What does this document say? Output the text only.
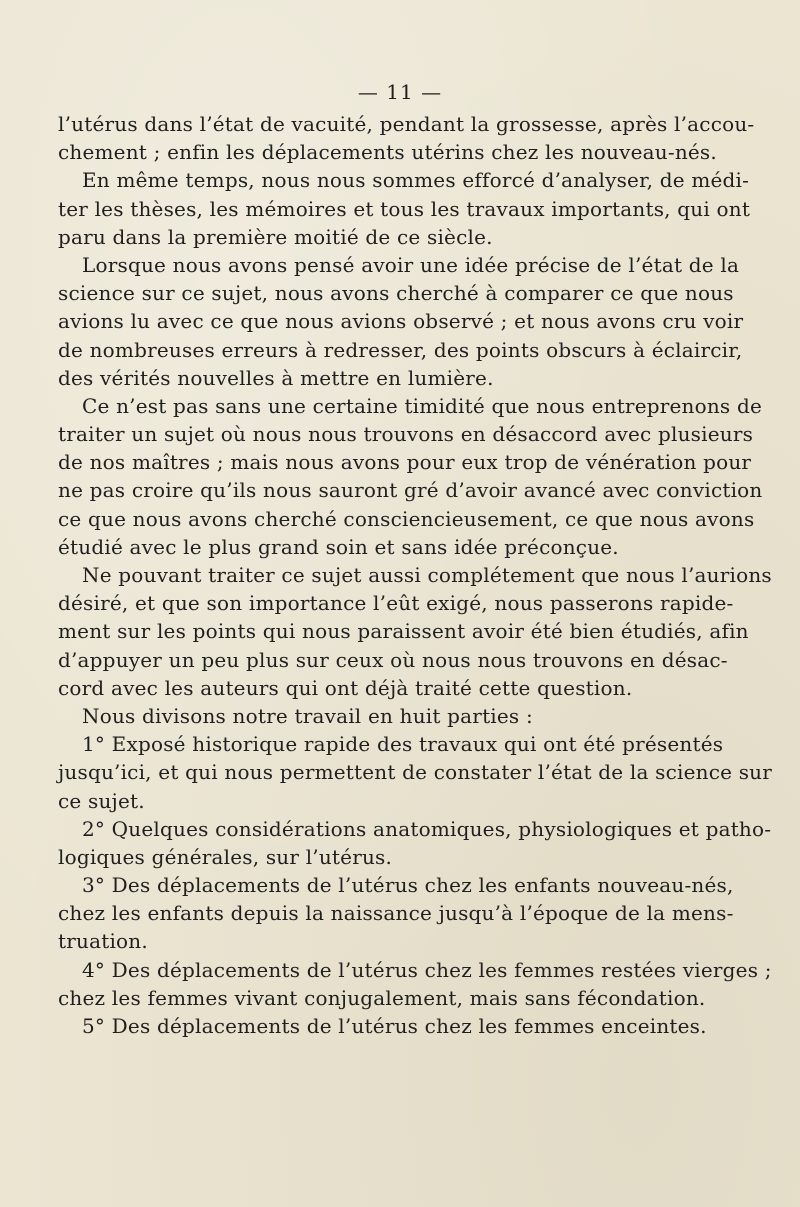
— 11 —
l’utérus dans l’état de vacuité, pendant la grossesse, après l’accou-
chement ; enfin les déplacements utérins chez les nouveau-nés.
En même temps, nous nous sommes efforcé d’analyser, de médi-
ter les thèses, les mémoires et tous les travaux importants, qui ont
paru dans la première moitié de ce siècle.
Lorsque nous avons pensé avoir une idée précise de l’état de la
science sur ce sujet, nous avons cherché à comparer ce que nous
avions lu avec ce que nous avions observé ; et nous avons cru voir
de nombreuses erreurs à redresser, des points obscurs à éclaircir,
des vérités nouvelles à mettre en lumière.
Ce n’est pas sans une certaine timidité que nous entreprenons de
traiter un sujet où nous nous trouvons en désaccord avec plusieurs
de nos maîtres ; mais nous avons pour eux trop de vénération pour
ne pas croire qu’ils nous sauront gré d’avoir avancé avec conviction
ce que nous avons cherché consciencieusement, ce que nous avons
étudié avec le plus grand soin et sans idée préconçue.
Ne pouvant traiter ce sujet aussi complétement que nous l’aurions
désiré, et que son importance l’eût exigé, nous passerons rapide-
ment sur les points qui nous paraissent avoir été bien étudiés, afin
d’appuyer un peu plus sur ceux où nous nous trouvons en désac-
cord avec les auteurs qui ont déjà traité cette question.
Nous divisons notre travail en huit parties :
1° Exposé historique rapide des travaux qui ont été présentés
jusqu’ici, et qui nous permettent de constater l’état de la science sur
ce sujet.
2° Quelques considérations anatomiques, physiologiques et patho-
logiques générales, sur l’utérus.
3° Des déplacements de l’utérus chez les enfants nouveau-nés,
chez les enfants depuis la naissance jusqu’à l’époque de la mens-
truation.
4° Des déplacements de l’utérus chez les femmes restées vierges ;
chez les femmes vivant conjugalement, mais sans fécondation.
5° Des déplacements de l’utérus chez les femmes enceintes.
